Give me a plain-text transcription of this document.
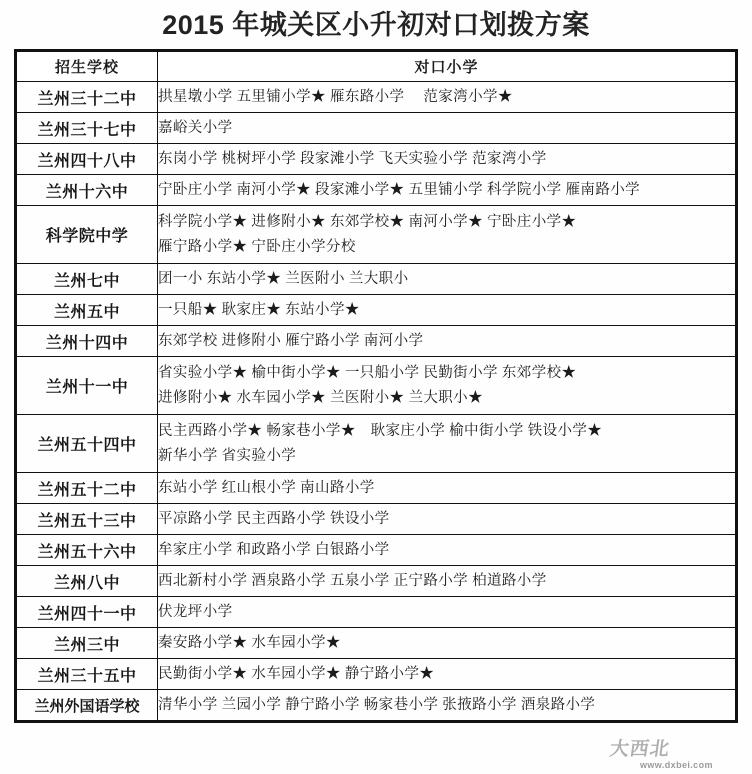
2015 年城关区小升初对口划拨方案
招生学校	对口小学
兰州三十二中	拱星墩小学 五里铺小学★ 雁东路小学　 范家湾小学★

兰州三十七中	嘉峪关小学

兰州四十八中	东岗小学 桃树坪小学 段家滩小学 飞天实验小学 范家湾小学

兰州十六中	宁卧庄小学 南河小学★ 段家滩小学★ 五里铺小学 科学院小学 雁南路小学

科学院中学	科学院小学★ 进修附小★ 东郊学校★ 南河小学★ 宁卧庄小学★
雁宁路小学★ 宁卧庄小学分校

兰州七中	团一小 东站小学★ 兰医附小 兰大职小

兰州五中	一只船★ 耿家庄★ 东站小学★

兰州十四中	东郊学校 进修附小 雁宁路小学 南河小学

兰州十一中	省实验小学★ 榆中街小学★ 一只船小学 民勤街小学 东郊学校★
进修附小★ 水车园小学★ 兰医附小★ 兰大职小★

兰州五十四中	民主西路小学★ 畅家巷小学★　耿家庄小学 榆中街小学 铁设小学★
新华小学 省实验小学

兰州五十二中	东站小学 红山根小学 南山路小学

兰州五十三中	平凉路小学 民主西路小学 铁设小学

兰州五十六中	牟家庄小学 和政路小学 白银路小学

兰州八中	西北新村小学 酒泉路小学 五泉小学 正宁路小学 柏道路小学

兰州四十一中	伏龙坪小学

兰州三中	秦安路小学★ 水车园小学★

兰州三十五中	民勤街小学★ 水车园小学★ 静宁路小学★

兰州外国语学校	清华小学 兰园小学 静宁路小学 畅家巷小学 张掖路小学 酒泉路小学
大西北
www.dxbei.com
